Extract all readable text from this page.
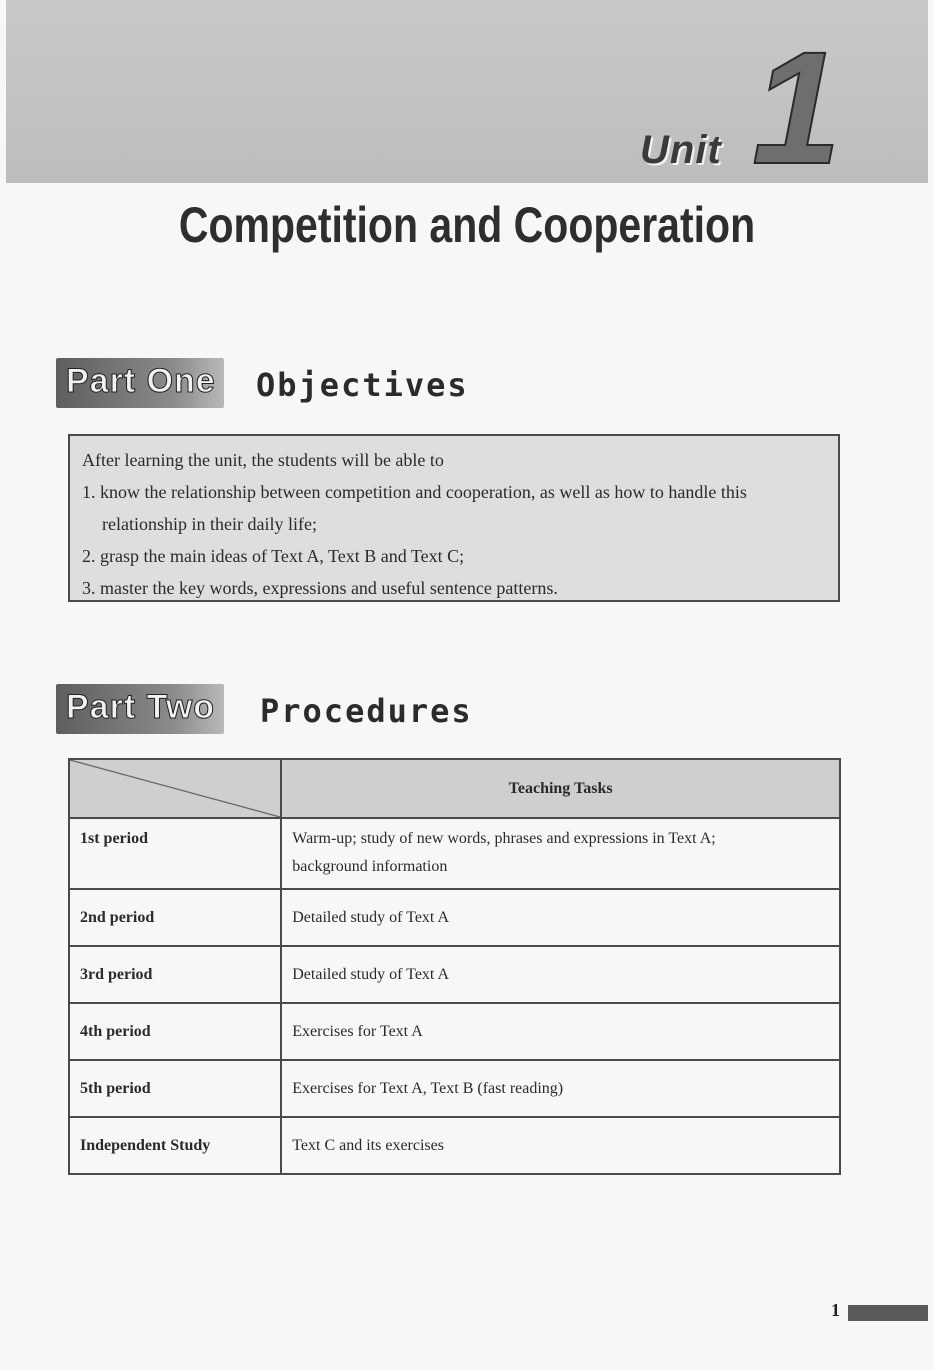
Unit 1
Competition and Cooperation
Part One Objectives
After learning the unit, the students will be able to
1. know the relationship between competition and cooperation, as well as how to handle this
relationship in their daily life;
2. grasp the main ideas of Text A, Text B and Text C;
3. master the key words, expressions and useful sentence patterns.
Part Two Procedures
	Teaching Tasks
1st period	Warm-up; study of new words, phrases and expressions in Text A;
background information

2nd period	Detailed study of Text A
3rd period	Detailed study of Text A
4th period	Exercises for Text A
5th period	Exercises for Text A, Text B (fast reading)
Independent Study	Text C and its exercises
1
